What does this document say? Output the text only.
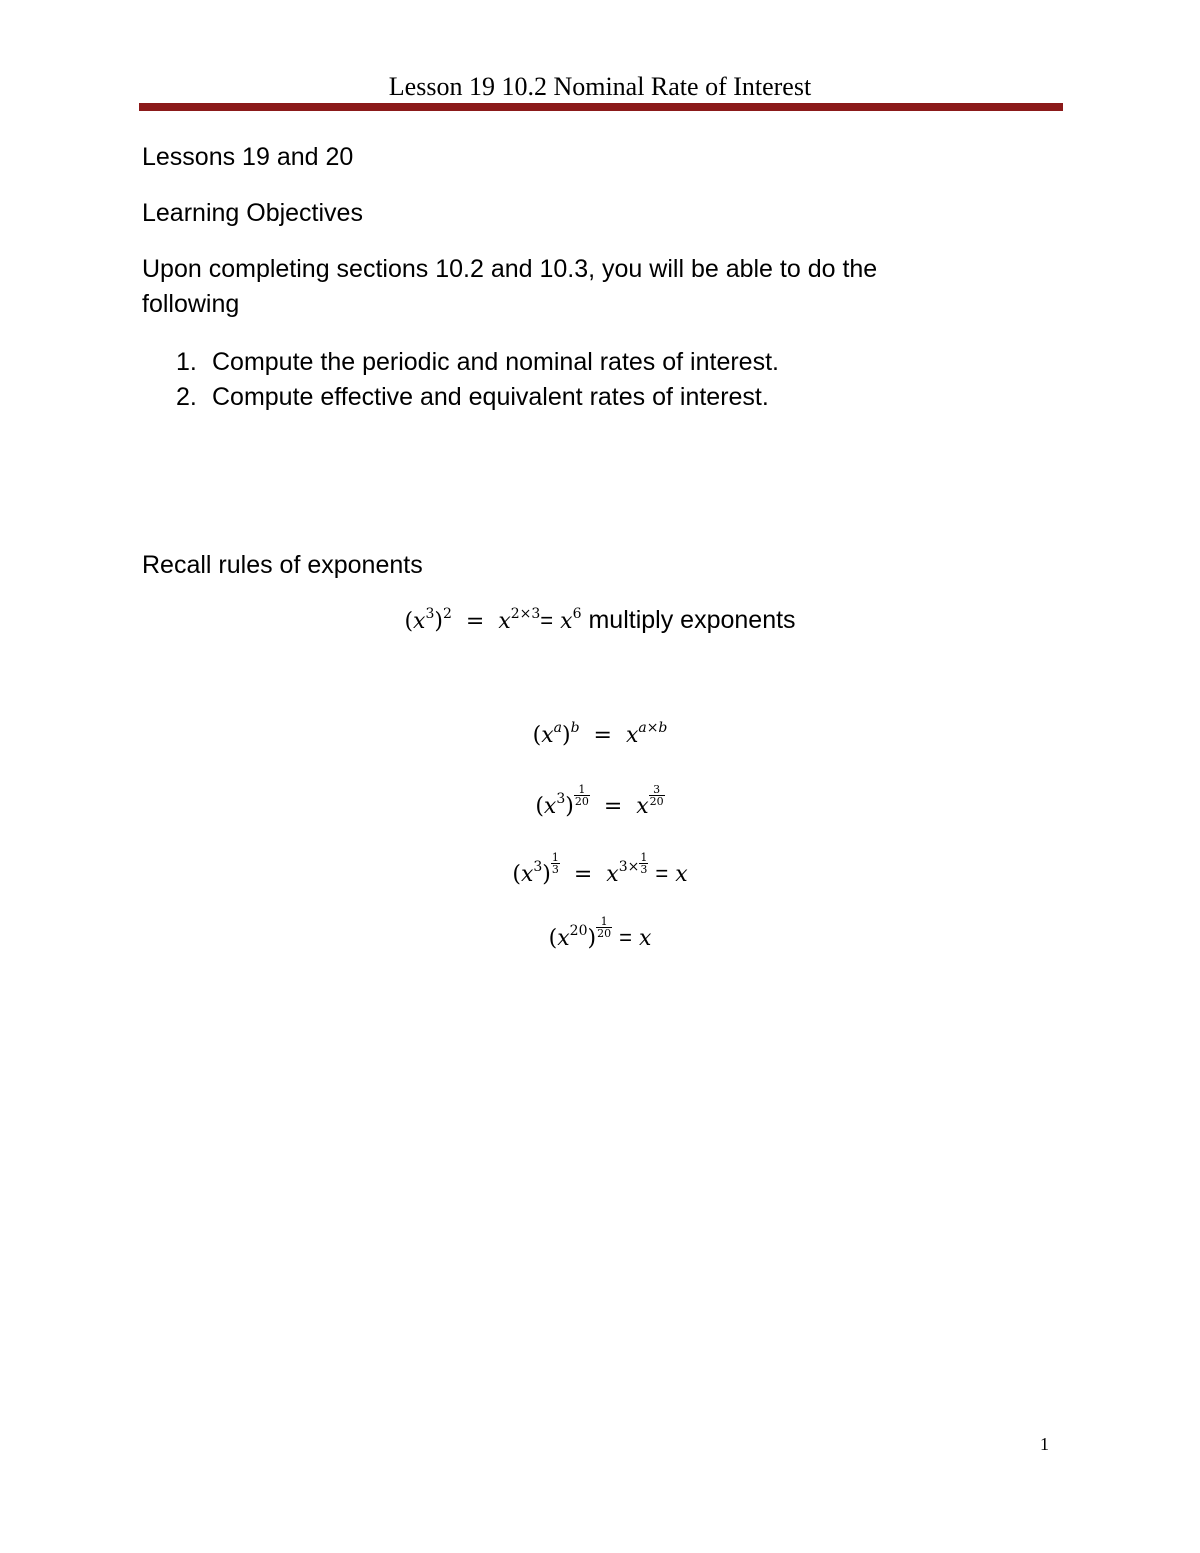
Lesson 19 10.2 Nominal Rate of Interest
Lessons 19 and 20
Learning Objectives
Upon completing sections 10.2 and 10.3, you will be able to do the following
1. Compute the periodic and nominal rates of interest.
2. Compute effective and equivalent rates of interest.
Recall rules of exponents
$(x^3)^2 = x^{2\times 3}= x^6$ multiply exponents
$(x^a)^b = x^{a\times b}$
$(x^3) \frac{1}{20} = x \frac{3}{20}$
$(x^3) \frac{1}{3} = x^{3\times} \frac{1}{3} = x$
$(x^{20}) \frac{1}{20} = x$
1
